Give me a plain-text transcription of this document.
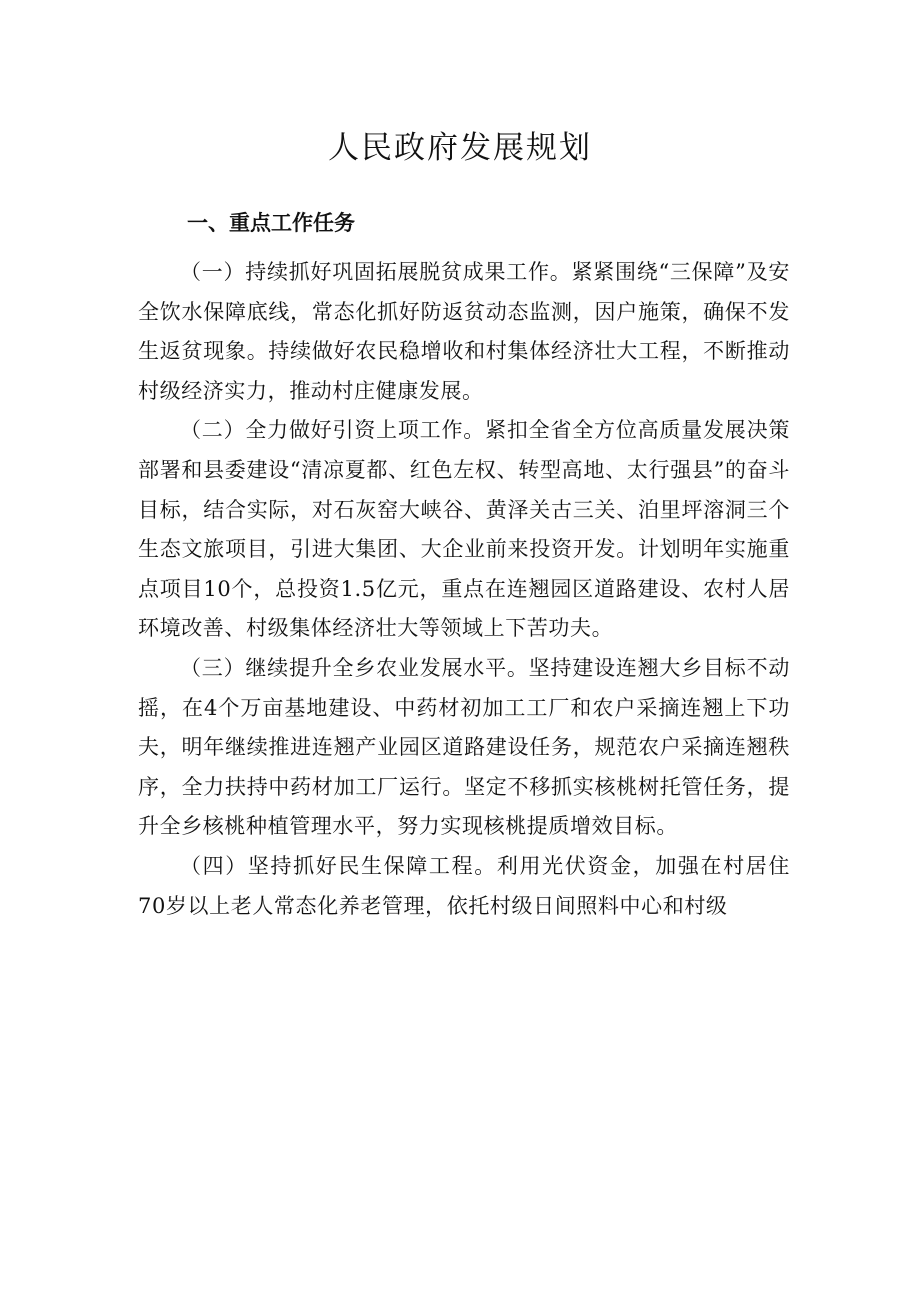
人民政府发展规划
一、重点工作任务

（一）持续抓好巩固拓展脱贫成果工作。紧紧围绕“三保障”及安全饮水保障底线，常态化抓好防返贫动态监测，因户施策，确保不发生返贫现象。持续做好农民稳增收和村集体经济壮大工程，不断推动村级经济实力，推动村庄健康发展。

（二）全力做好引资上项工作。紧扣全省全方位高质量发展决策部署和县委建设“清凉夏都、红色左权、转型高地、太行强县”的奋斗目标，结合实际，对石灰窑大峡谷、黄泽关古三关、泊里坪溶洞三个生态文旅项目，引进大集团、大企业前来投资开发。计划明年实施重点项目10个，总投资1.5亿元，重点在连翘园区道路建设、农村人居环境改善、村级集体经济壮大等领域上下苦功夫。

（三）继续提升全乡农业发展水平。坚持建设连翘大乡目标不动摇，在4个万亩基地建设、中药材初加工工厂和农户采摘连翘上下功夫，明年继续推进连翘产业园区道路建设任务，规范农户采摘连翘秩序，全力扶持中药材加工厂运行。坚定不移抓实核桃树托管任务，提升全乡核桃种植管理水平，努力实现核桃提质增效目标。

（四）坚持抓好民生保障工程。利用光伏资金，加强在村居住70岁以上老人常态化养老管理，依托村级日间照料中心和村级
